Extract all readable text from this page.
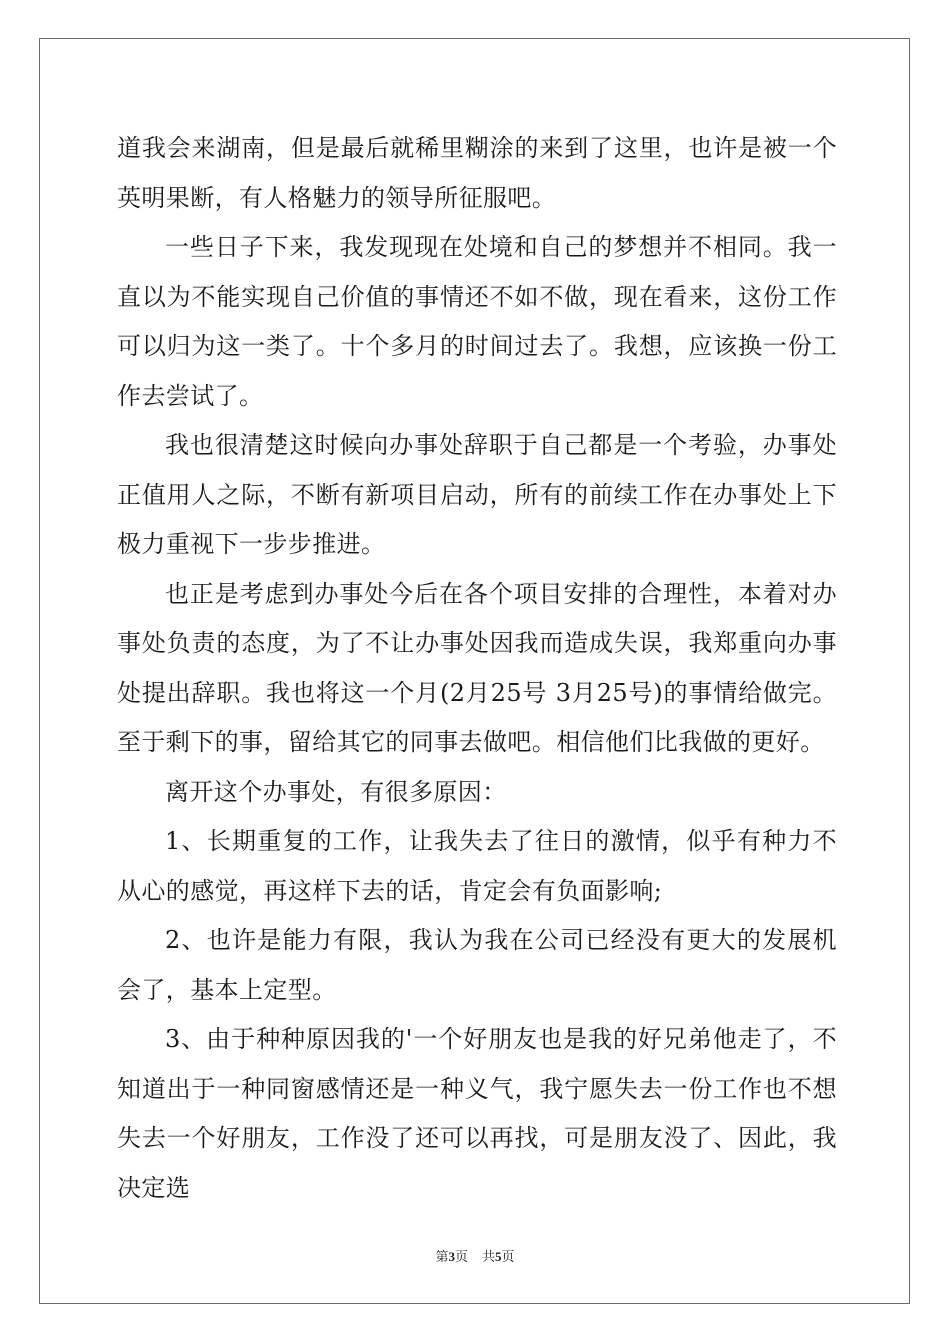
道我会来湖南，但是最后就稀里糊涂的来到了这里，也许是被一个英明果断，有人格魅力的领导所征服吧。

一些日子下来，我发现现在处境和自己的梦想并不相同。我一直以为不能实现自己价值的事情还不如不做，现在看来，这份工作可以归为这一类了。十个多月的时间过去了。我想，应该换一份工作去尝试了。

我也很清楚这时候向办事处辞职于自己都是一个考验，办事处正值用人之际，不断有新项目启动，所有的前续工作在办事处上下极力重视下一步步推进。

也正是考虑到办事处今后在各个项目安排的合理性，本着对办事处负责的态度，为了不让办事处因我而造成失误，我郑重向办事处提出辞职。我也将这一个月(2月25号 3月25号)的事情给做完。至于剩下的事，留给其它的同事去做吧。相信他们比我做的更好。

离开这个办事处，有很多原因：

1、长期重复的工作，让我失去了往日的激情，似乎有种力不从心的感觉，再这样下去的话，肯定会有负面影响;

2、也许是能力有限，我认为我在公司已经没有更大的发展机会了，基本上定型。

3、由于种种原因我的'一个好朋友也是我的好兄弟他走了，不知道出于一种同窗感情还是一种义气，我宁愿失去一份工作也不想失去一个好朋友，工作没了还可以再找，可是朋友没了、因此，我决定选

第3页 共5页
